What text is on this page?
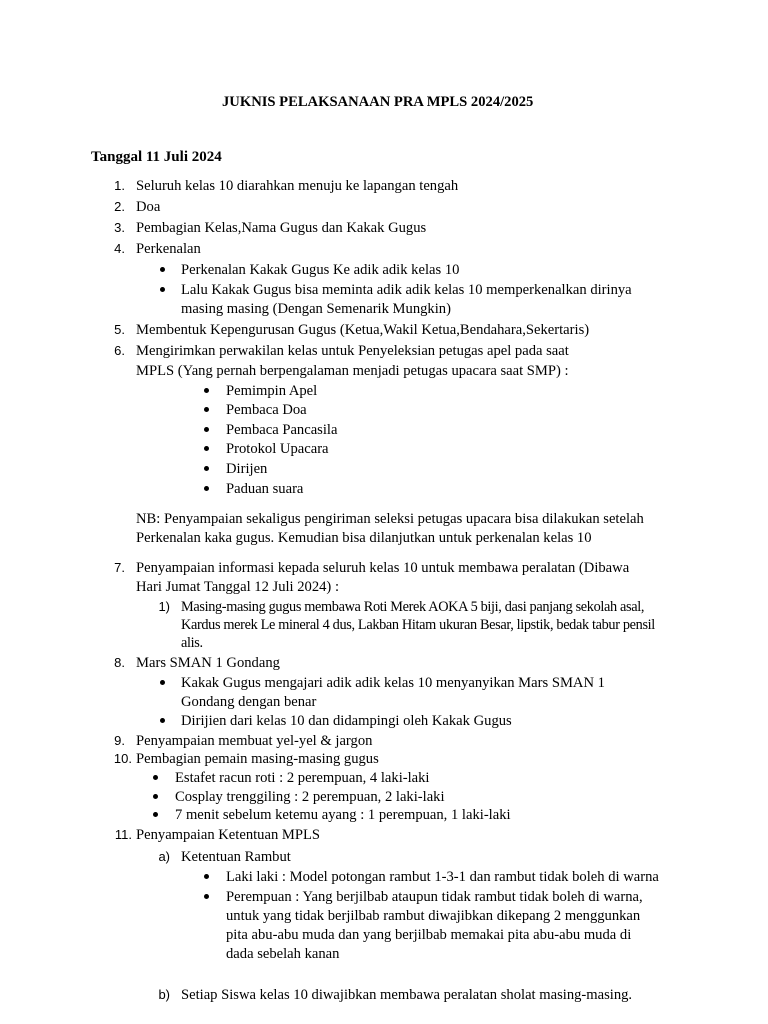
JUKNIS PELAKSANAAN PRA MPLS 2024/2025
Tanggal 11 Juli 2024
1. Seluruh kelas 10 diarahkan menuju ke lapangan tengah
2. Doa
3. Pembagian Kelas,Nama Gugus dan Kakak Gugus
4. Perkenalan
Perkenalan Kakak Gugus Ke adik adik kelas 10
Lalu Kakak Gugus bisa meminta adik adik kelas 10 memperkenalkan dirinya
masing masing (Dengan Semenarik Mungkin)
5. Membentuk Kepengurusan Gugus (Ketua,Wakil Ketua,Bendahara,Sekertaris)
6. Mengirimkan perwakilan kelas untuk Penyeleksian petugas apel pada saat
MPLS (Yang pernah berpengalaman menjadi petugas upacara saat SMP) :
Pemimpin Apel
Pembaca Doa
Pembaca Pancasila
Protokol Upacara
Dirijen
Paduan suara
NB: Penyampaian sekaligus pengiriman seleksi petugas upacara bisa dilakukan setelah
Perkenalan kaka gugus. Kemudian bisa dilanjutkan untuk perkenalan kelas 10
7. Penyampaian informasi kepada seluruh kelas 10 untuk membawa peralatan (Dibawa
Hari Jumat Tanggal 12 Juli 2024) :
1) Masing-masing gugus membawa Roti Merek AOKA 5 biji, dasi panjang sekolah asal,
Kardus merek Le mineral 4 dus, Lakban Hitam ukuran Besar, lipstik, bedak tabur pensil
alis.
8. Mars SMAN 1 Gondang
Kakak Gugus mengajari adik adik kelas 10 menyanyikan Mars SMAN 1
Gondang dengan benar
Dirijien dari kelas 10 dan didampingi oleh Kakak Gugus
9. Penyampaian membuat yel-yel & jargon
10. Pembagian pemain masing-masing gugus
Estafet racun roti : 2 perempuan, 4 laki-laki
Cosplay trenggiling : 2 perempuan, 2 laki-laki
7 menit sebelum ketemu ayang : 1 perempuan, 1 laki-laki
11. Penyampaian Ketentuan MPLS
a) Ketentuan Rambut
Laki laki : Model potongan rambut 1-3-1 dan rambut tidak boleh di warna
Perempuan : Yang berjilbab ataupun tidak rambut tidak boleh di warna,
untuk yang tidak berjilbab rambut diwajibkan dikepang 2 menggunkan
pita abu-abu muda dan yang berjilbab memakai pita abu-abu muda di
dada sebelah kanan
b) Setiap Siswa kelas 10 diwajibkan membawa peralatan sholat masing-masing.
